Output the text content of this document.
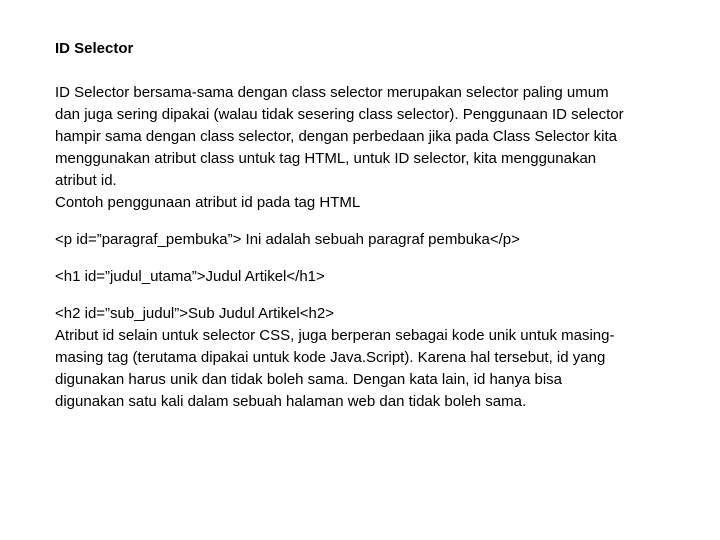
ID Selector

ID Selector bersama-sama dengan class selector merupakan selector paling umum
dan juga sering dipakai (walau tidak sesering class selector). Penggunaan ID selector
hampir sama dengan class selector, dengan perbedaan jika pada Class Selector kita
menggunakan atribut class untuk tag HTML, untuk ID selector, kita menggunakan
atribut id.
Contoh penggunaan atribut id pada tag HTML

<p id=”paragraf_pembuka”> Ini adalah sebuah paragraf pembuka</p>

<h1 id=”judul_utama”>Judul Artikel</h1>

<h2 id=”sub_judul”>Sub Judul Artikel<h2>
Atribut id selain untuk selector CSS, juga berperan sebagai kode unik untuk masing-
masing tag (terutama dipakai untuk kode Java.Script). Karena hal tersebut, id yang
digunakan harus unik dan tidak boleh sama. Dengan kata lain, id hanya bisa
digunakan satu kali dalam sebuah halaman web dan tidak boleh sama.
